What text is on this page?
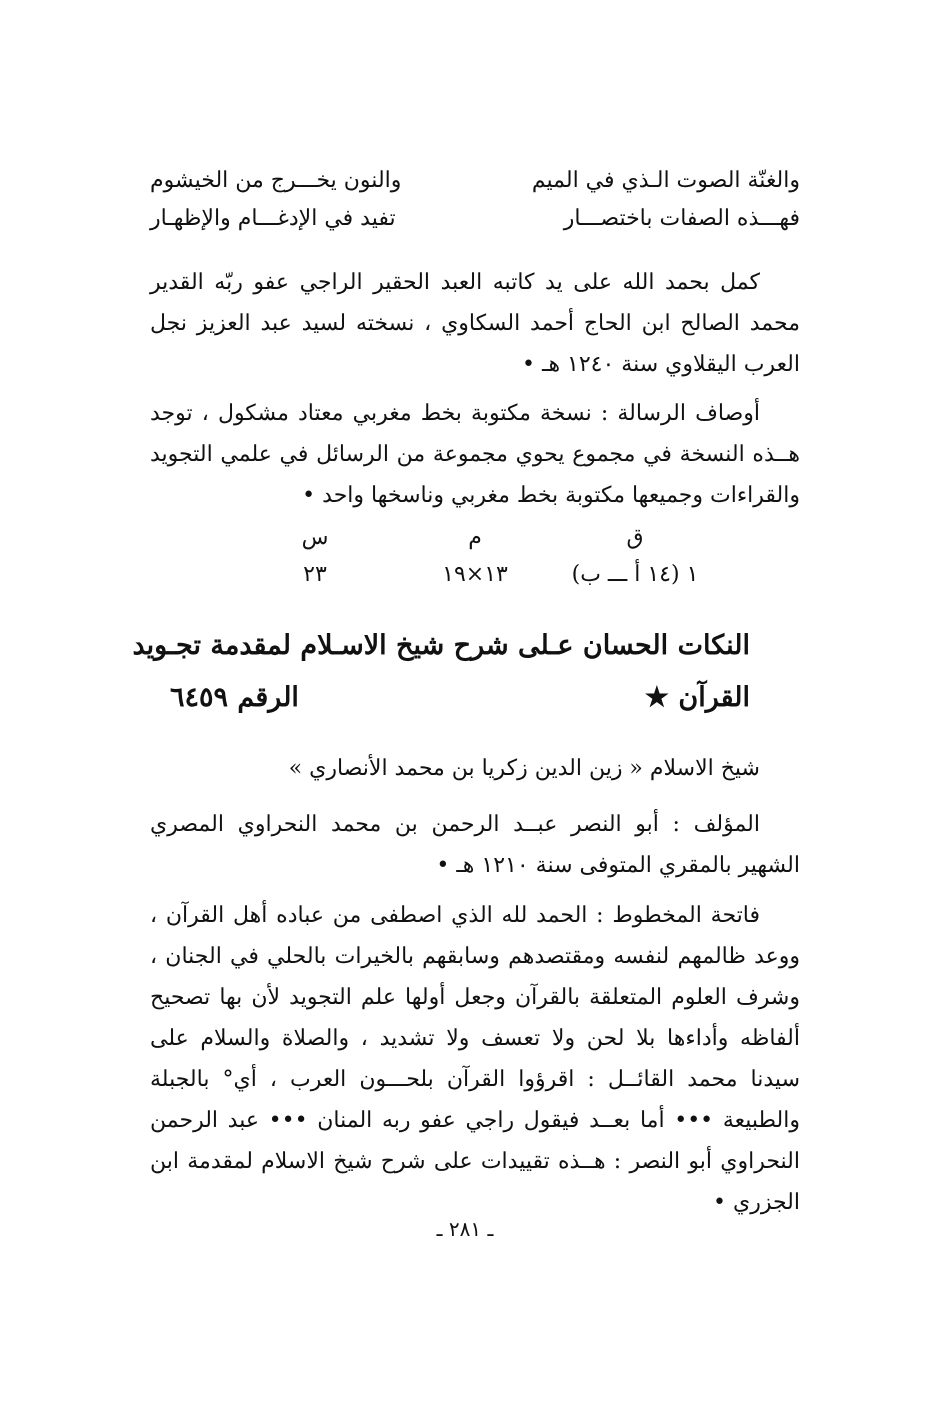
والغنّة الصوت الـذي في الميم
والنون يخـــرج من الخيشوم
فهـــذه الصفات باختصـــار
تفيد في الإدغـــام والإظهـار
كمل بحمد الله على يد كاتبه العبد الحقير الراجي عفو ربّه القدير محمد الصالح ابن الحاج أحمد السكاوي ، نسخته لسيد عبد العزيز نجل العرب اليقلاوي سنة ١٢٤٠ هـ •
أوصاف الرسالة : نسخة مكتوبة بخط مغربي معتاد مشكول ، توجد هــذه النسخة في مجموع يحوي مجموعة من الرسائل في علمي التجويد والقراءات وجميعها مكتوبة بخط مغربي وناسخها واحد •
ق
م
س
١ (١٤ أ ـــ ب)
١٣×١٩
٢٣
النكات الحسان عـلى شرح شيخ الاسـلام لمقدمة تجـويد
القرآن ★
الرقم ٦٤٥٩
شيخ الاسلام « زين الدين زكريا بن محمد الأنصاري »
المؤلف : أبو النصر عبــد الرحمن بن محمد النحراوي المصري الشهير بالمقري المتوفى سنة ١٢١٠ هـ •
فاتحة المخطوط : الحمد لله الذي اصطفى من عباده أهل القرآن ، ووعد ظالمهم لنفسه ومقتصدهم وسابقهم بالخيرات بالحلي في الجنان ، وشرف العلوم المتعلقة بالقرآن وجعل أولها علم التجويد لأن بها تصحيح ألفاظه وأداءها بلا لحن ولا تعسف ولا تشديد ، والصلاة والسلام على سيدنا محمد القائــل : اقرؤوا القرآن بلحـــون العرب ، أي° بالجبلة والطبيعة ••• أما بعــد فيقول راجي عفو ربه المنان ••• عبد الرحمن النحراوي أبو النصر : هــذه تقييدات على شرح شيخ الاسلام لمقدمة ابن الجزري •
ـ ٢٨١ ـ
